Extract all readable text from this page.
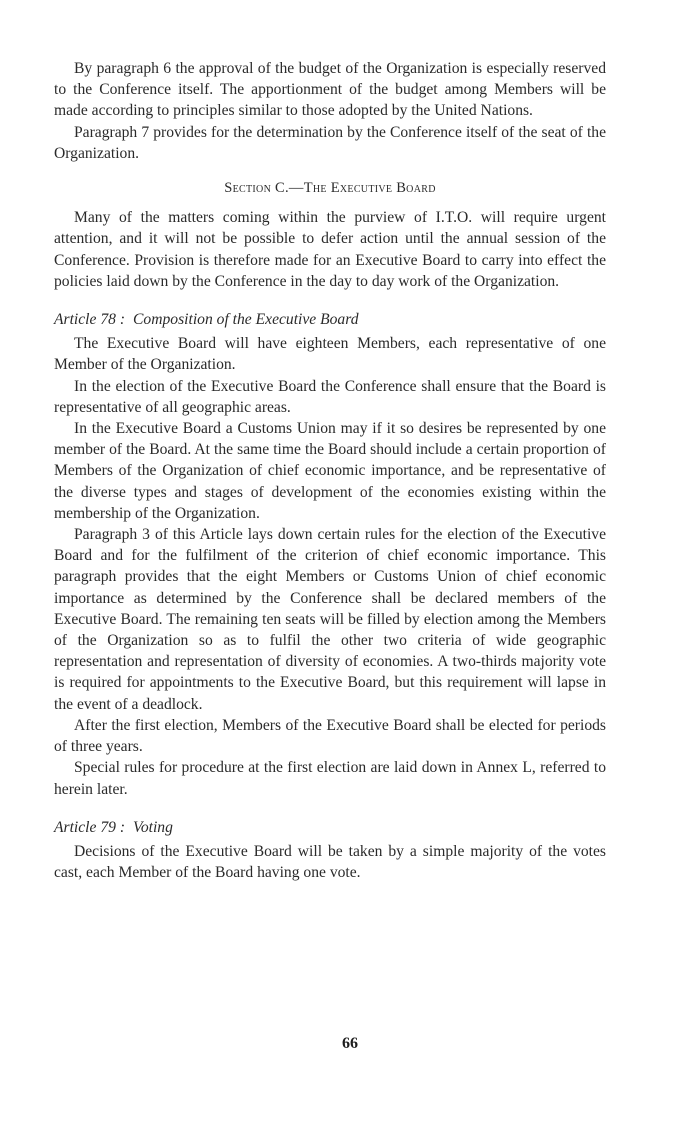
By paragraph 6 the approval of the budget of the Organization is especially reserved to the Conference itself. The apportionment of the budget among Members will be made according to principles similar to those adopted by the United Nations.

Paragraph 7 provides for the determination by the Conference itself of the seat of the Organization.

Section C.—The Executive Board

Many of the matters coming within the purview of I.T.O. will require urgent attention, and it will not be possible to defer action until the annual session of the Conference. Provision is therefore made for an Executive Board to carry into effect the policies laid down by the Conference in the day to day work of the Organization.

Article 78 : Composition of the Executive Board

The Executive Board will have eighteen Members, each representative of one Member of the Organization.

In the election of the Executive Board the Conference shall ensure that the Board is representative of all geographic areas.

In the Executive Board a Customs Union may if it so desires be represented by one member of the Board. At the same time the Board should include a certain proportion of Members of the Organization of chief economic importance, and be representative of the diverse types and stages of development of the economies existing within the membership of the Organization.

Paragraph 3 of this Article lays down certain rules for the election of the Executive Board and for the fulfilment of the criterion of chief economic importance. This paragraph provides that the eight Members or Customs Union of chief economic importance as determined by the Conference shall be declared members of the Executive Board. The remaining ten seats will be filled by election among the Members of the Organization so as to fulfil the other two criteria of wide geographic representation and representation of diversity of economies. A two-thirds majority vote is required for appointments to the Executive Board, but this requirement will lapse in the event of a deadlock.

After the first election, Members of the Executive Board shall be elected for periods of three years.

Special rules for procedure at the first election are laid down in Annex L, referred to herein later.

Article 79 : Voting

Decisions of the Executive Board will be taken by a simple majority of the votes cast, each Member of the Board having one vote.

66
